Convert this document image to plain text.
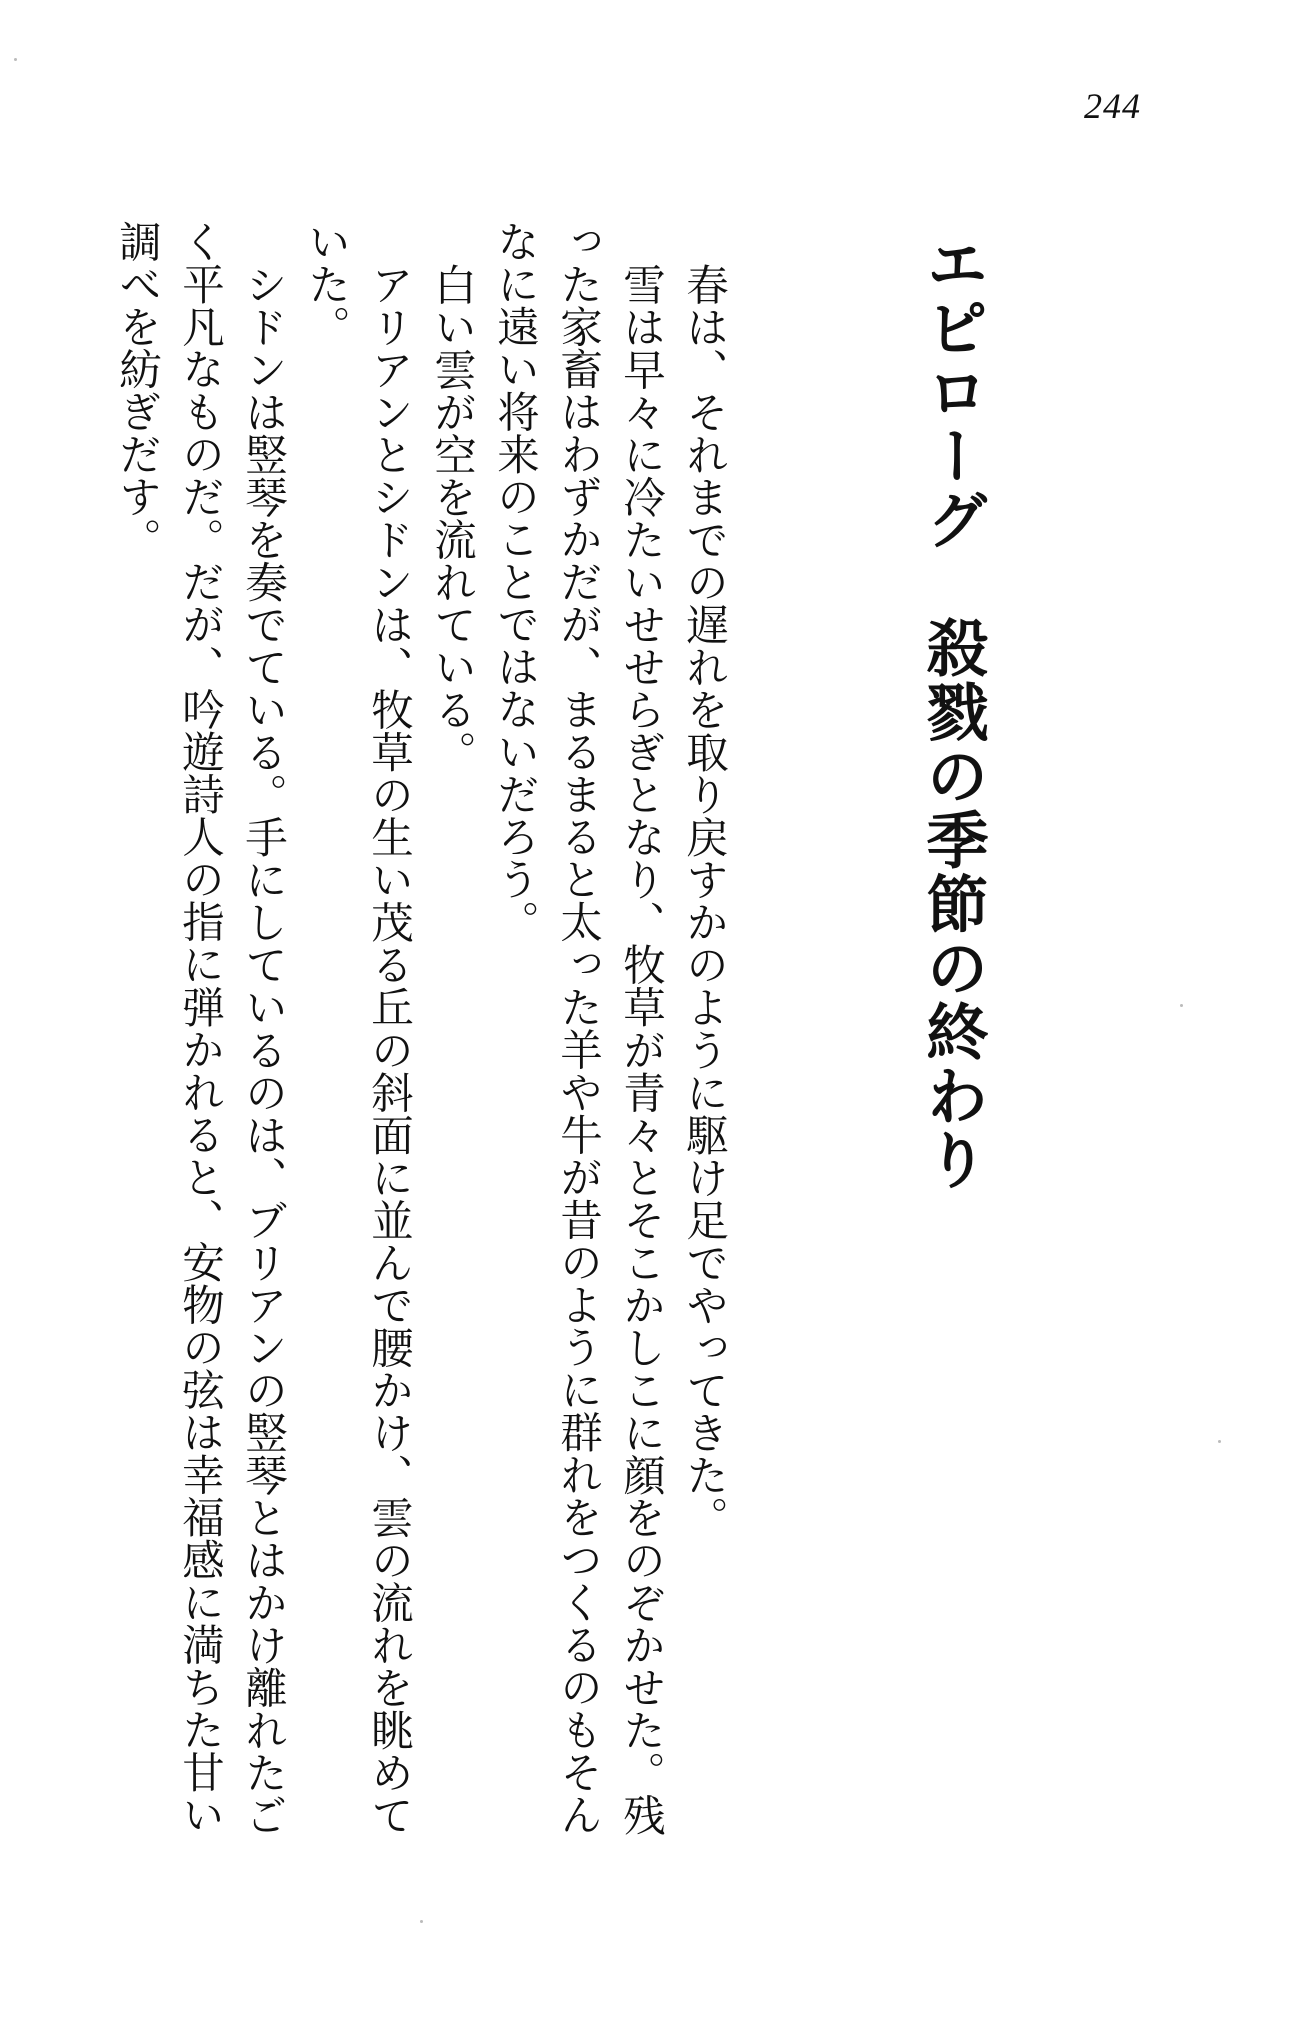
244
エピローグ　殺戮の季節の終わり

春は、それまでの遅れを取り戻すかのように駆け足でやってきた。

雪は早々に冷たいせせらぎとなり、牧草が青々とそこかしこに顔をのぞかせた。残った家畜はわずかだが、まるまると太った羊や牛が昔のように群れをつくるのもそんなに遠い将来のことではないだろう。

白い雲が空を流れている。

アリアンとシドンは、牧草の生い茂る丘の斜面に並んで腰かけ、雲の流れを眺めていた。

シドンは竪琴を奏でている。手にしているのは、ブリアンの竪琴とはかけ離れたごく平凡なものだ。だが、吟遊詩人の指に弾かれると、安物の弦は幸福感に満ちた甘い調べを紡ぎだす。
